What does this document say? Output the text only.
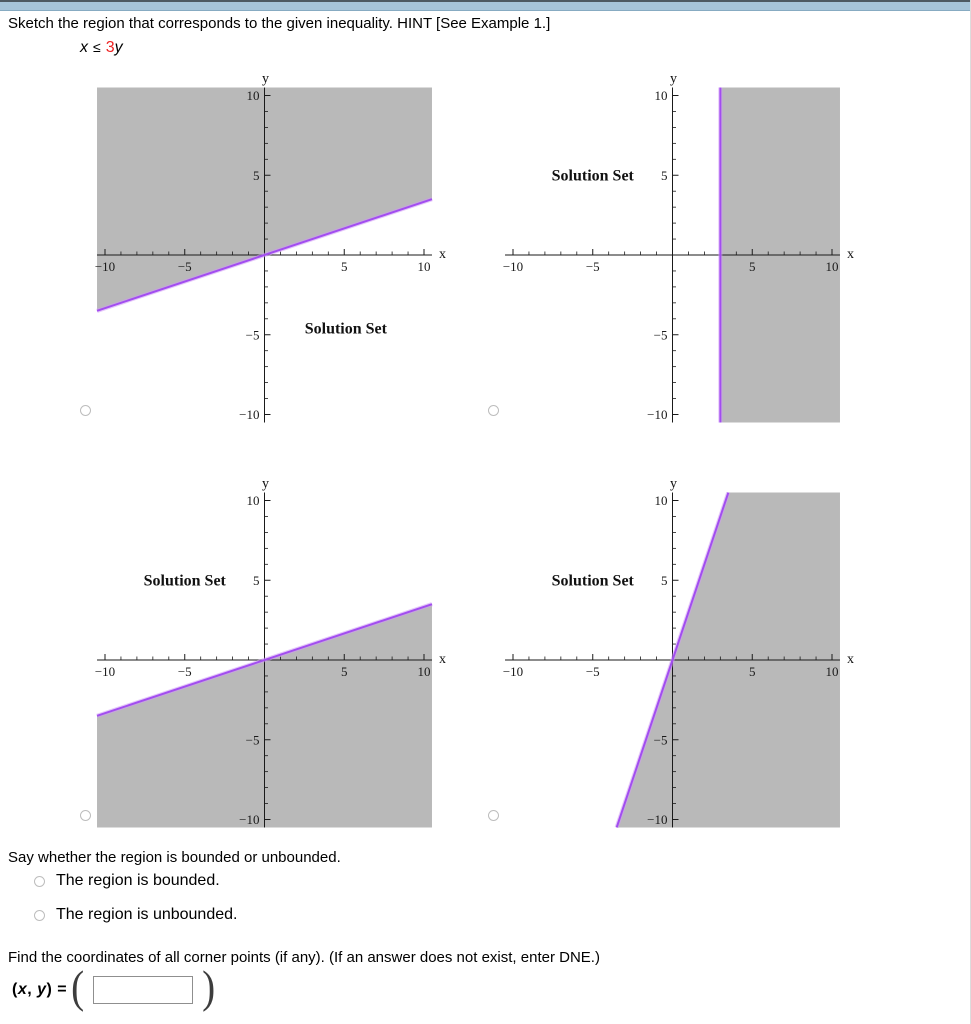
Sketch the region that corresponds to the given inequality. HINT [See Example 1.]
x ≤ 3y
−10
−10
−5
−5
5
5
10
10
x
y
Solution Set
−10
−10
−5
−5
5
5
10
10
x
y
Solution Set
−10
−10
−5
−5
5
5
10
10
x
y
Solution Set
−10
−10
−5
−5
5
5
10
10
x
y
Solution Set
Say whether the region is bounded or unbounded.
The region is bounded.
The region is unbounded.
Find the coordinates of all corner points (if any). (If an answer does not exist, enter DNE.)
(x, y) = (	)
